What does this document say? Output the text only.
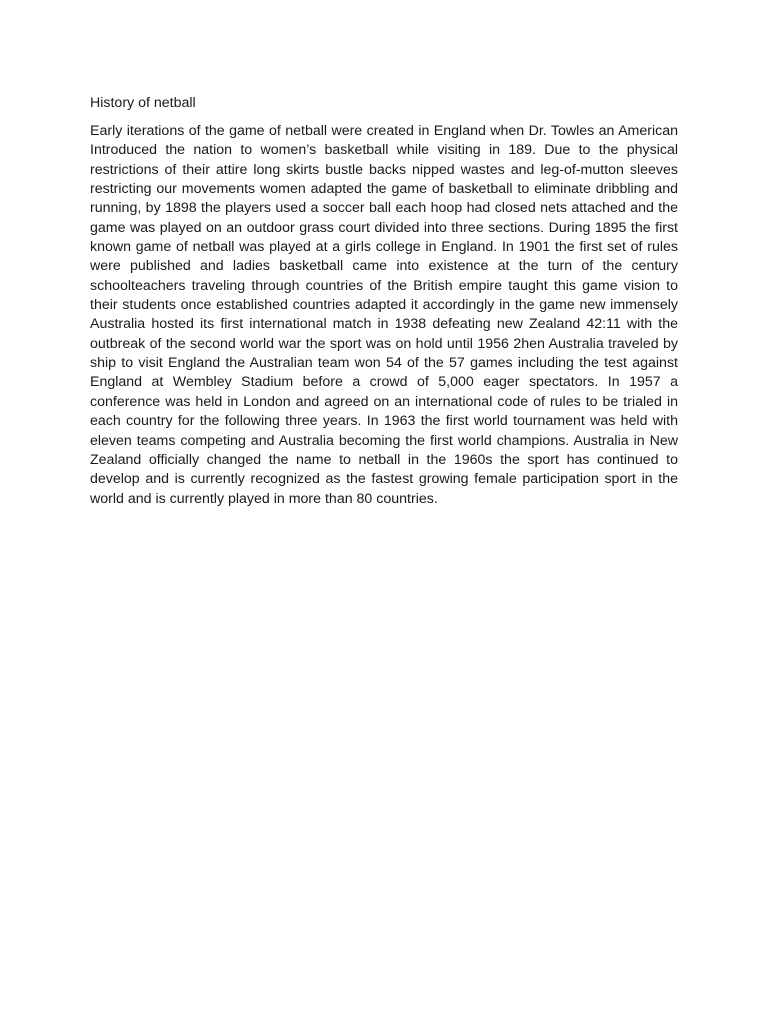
History of netball

Early iterations of the game of netball were created in England when Dr. Towles an American Introduced the nation to women’s basketball while visiting in 189. Due to the physical restrictions of their attire long skirts bustle backs nipped wastes and leg-of-mutton sleeves restricting our movements women adapted the game of basketball to eliminate dribbling and running, by 1898 the players used a soccer ball each hoop had closed nets attached and the game was played on an outdoor grass court divided into three sections. During 1895 the first known game of netball was played at a girls college in England. In 1901 the first set of rules were published and ladies basketball came into existence at the turn of the century schoolteachers traveling through countries of the British empire taught this game vision to their students once established countries adapted it accordingly in the game new immensely Australia hosted its first international match in 1938 defeating new Zealand 42:11 with the outbreak of the second world war the sport was on hold until 1956 2hen Australia traveled by ship to visit England the Australian team won 54 of the 57 games including the test against England at Wembley Stadium before a crowd of 5,000 eager spectators. In 1957 a conference was held in London and agreed on an international code of rules to be trialed in each country for the following three years. In 1963 the first world tournament was held with eleven teams competing and Australia becoming the first world champions. Australia in New Zealand officially changed the name to netball in the 1960s the sport has continued to develop and is currently recognized as the fastest growing female participation sport in the world and is currently played in more than 80 countries.
